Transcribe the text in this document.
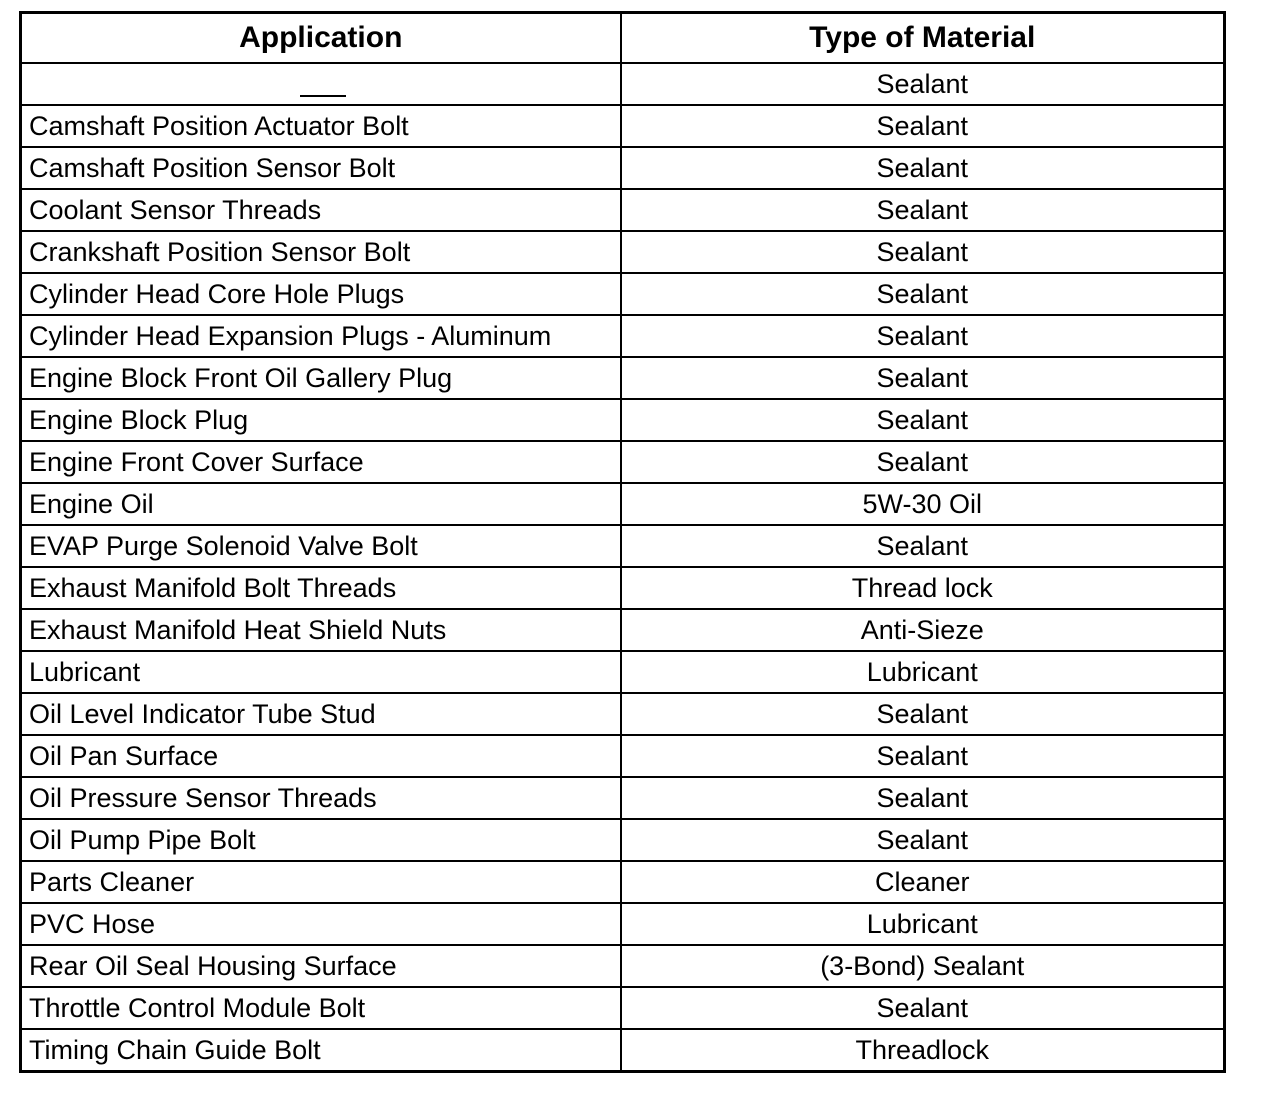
Application	Type of Material

	Sealant
Camshaft Position Actuator Bolt	Sealant
Camshaft Position Sensor Bolt	Sealant
Coolant Sensor Threads	Sealant
Crankshaft Position Sensor Bolt	Sealant
Cylinder Head Core Hole Plugs	Sealant
Cylinder Head Expansion Plugs - Aluminum	Sealant
Engine Block Front Oil Gallery Plug	Sealant
Engine Block Plug	Sealant
Engine Front Cover Surface	Sealant
Engine Oil	5W-30 Oil
EVAP Purge Solenoid Valve Bolt	Sealant
Exhaust Manifold Bolt Threads	Thread lock
Exhaust Manifold Heat Shield Nuts	Anti-Sieze
Lubricant	Lubricant
Oil Level Indicator Tube Stud	Sealant
Oil Pan Surface	Sealant
Oil Pressure Sensor Threads	Sealant
Oil Pump Pipe Bolt	Sealant
Parts Cleaner	Cleaner
PVC Hose	Lubricant
Rear Oil Seal Housing Surface	(3-Bond) Sealant
Throttle Control Module Bolt	Sealant
Timing Chain Guide Bolt	Threadlock
